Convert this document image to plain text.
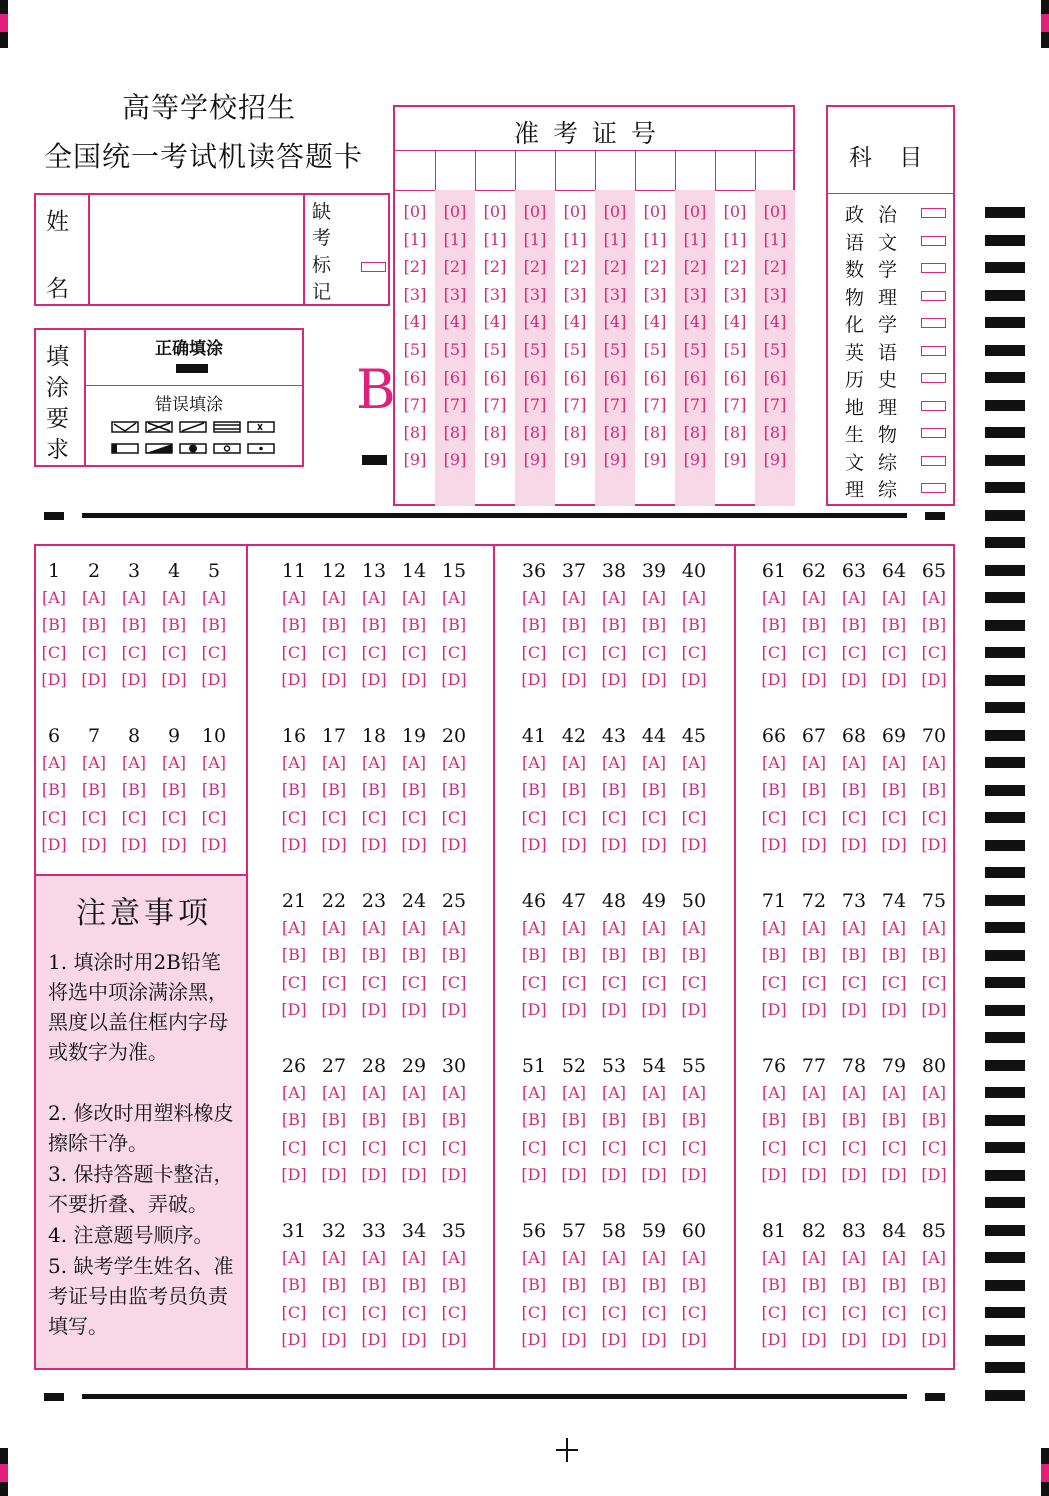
高等学校招生
全国统一考试机读答题卡
姓
名
缺
考
标
记
填
涂
要
求
正确填涂
错误填涂 B
准 考 证 号
[0]
[1]
[2]
[3]
[4]
[5]
[6]
[7]
[8]
[9]
[0]
[1]
[2]
[3]
[4]
[5]
[6]
[7]
[8]
[9]
[0]
[1]
[2]
[3]
[4]
[5]
[6]
[7]
[8]
[9]
[0]
[1]
[2]
[3]
[4]
[5]
[6]
[7]
[8]
[9]
[0]
[1]
[2]
[3]
[4]
[5]
[6]
[7]
[8]
[9]
[0]
[1]
[2]
[3]
[4]
[5]
[6]
[7]
[8]
[9]
[0]
[1]
[2]
[3]
[4]
[5]
[6]
[7]
[8]
[9]
[0]
[1]
[2]
[3]
[4]
[5]
[6]
[7]
[8]
[9]
[0]
[1]
[2]
[3]
[4]
[5]
[6]
[7]
[8]
[9]
[0]
[1]
[2]
[3]
[4]
[5]
[6]
[7]
[8]
[9]
科 目
政治
语文
数学
物理
化学
英语
历史
地理
生物
文综
理综
注意事项
1. 填涂时用2B铅笔将选中项涂满涂黑，黑度以盖住框内字母或数字为准。
2. 修改时用塑料橡皮擦除干净。
3. 保持答题卡整洁，不要折叠、弄破。
4. 注意题号顺序。
5. 缺考学生姓名、准考证号由监考员负责填写。
1
[A]
[B]
[C]
[D]
2
[A]
[B]
[C]
[D]
3
[A]
[B]
[C]
[D]
4
[A]
[B]
[C]
[D]
5
[A]
[B]
[C]
[D]
6
[A]
[B]
[C]
[D]
7
[A]
[B]
[C]
[D]
8
[A]
[B]
[C]
[D]
9
[A]
[B]
[C]
[D]
10
[A]
[B]
[C]
[D]
11
[A]
[B]
[C]
[D]
12
[A]
[B]
[C]
[D]
13
[A]
[B]
[C]
[D]
14
[A]
[B]
[C]
[D]
15
[A]
[B]
[C]
[D]
16
[A]
[B]
[C]
[D]
17
[A]
[B]
[C]
[D]
18
[A]
[B]
[C]
[D]
19
[A]
[B]
[C]
[D]
20
[A]
[B]
[C]
[D]
21
[A]
[B]
[C]
[D]
22
[A]
[B]
[C]
[D]
23
[A]
[B]
[C]
[D]
24
[A]
[B]
[C]
[D]
25
[A]
[B]
[C]
[D]
26
[A]
[B]
[C]
[D]
27
[A]
[B]
[C]
[D]
28
[A]
[B]
[C]
[D]
29
[A]
[B]
[C]
[D]
30
[A]
[B]
[C]
[D]
31
[A]
[B]
[C]
[D]
32
[A]
[B]
[C]
[D]
33
[A]
[B]
[C]
[D]
34
[A]
[B]
[C]
[D]
35
[A]
[B]
[C]
[D]
36
[A]
[B]
[C]
[D]
37
[A]
[B]
[C]
[D]
38
[A]
[B]
[C]
[D]
39
[A]
[B]
[C]
[D]
40
[A]
[B]
[C]
[D]
41
[A]
[B]
[C]
[D]
42
[A]
[B]
[C]
[D]
43
[A]
[B]
[C]
[D]
44
[A]
[B]
[C]
[D]
45
[A]
[B]
[C]
[D]
46
[A]
[B]
[C]
[D]
47
[A]
[B]
[C]
[D]
48
[A]
[B]
[C]
[D]
49
[A]
[B]
[C]
[D]
50
[A]
[B]
[C]
[D]
51
[A]
[B]
[C]
[D]
52
[A]
[B]
[C]
[D]
53
[A]
[B]
[C]
[D]
54
[A]
[B]
[C]
[D]
55
[A]
[B]
[C]
[D]
56
[A]
[B]
[C]
[D]
57
[A]
[B]
[C]
[D]
58
[A]
[B]
[C]
[D]
59
[A]
[B]
[C]
[D]
60
[A]
[B]
[C]
[D]
61
[A]
[B]
[C]
[D]
62
[A]
[B]
[C]
[D]
63
[A]
[B]
[C]
[D]
64
[A]
[B]
[C]
[D]
65
[A]
[B]
[C]
[D]
66
[A]
[B]
[C]
[D]
67
[A]
[B]
[C]
[D]
68
[A]
[B]
[C]
[D]
69
[A]
[B]
[C]
[D]
70
[A]
[B]
[C]
[D]
71
[A]
[B]
[C]
[D]
72
[A]
[B]
[C]
[D]
73
[A]
[B]
[C]
[D]
74
[A]
[B]
[C]
[D]
75
[A]
[B]
[C]
[D]
76
[A]
[B]
[C]
[D]
77
[A]
[B]
[C]
[D]
78
[A]
[B]
[C]
[D]
79
[A]
[B]
[C]
[D]
80
[A]
[B]
[C]
[D]
81
[A]
[B]
[C]
[D]
82
[A]
[B]
[C]
[D]
83
[A]
[B]
[C]
[D]
84
[A]
[B]
[C]
[D]
85
[A]
[B]
[C]
[D]
